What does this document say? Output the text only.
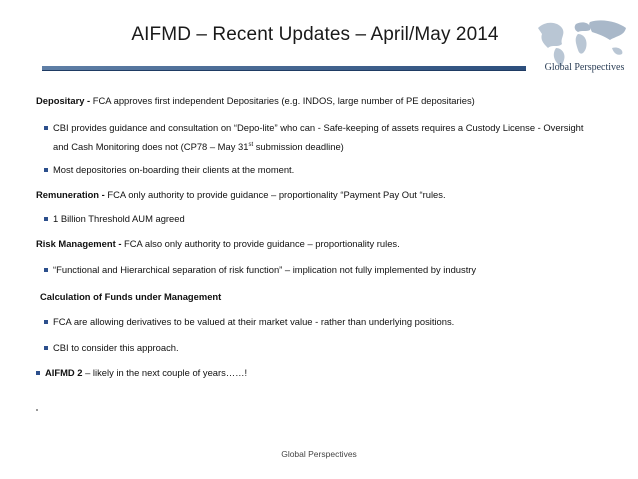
AIFMD – Recent Updates – April/May 2014
Global Perspectives
Depositary - FCA approves first independent Depositaries (e.g. INDOS, large number of PE depositaries)
CBI provides guidance and consultation on “Depo-lite” who can - Safe-keeping of assets requires a Custody License - Oversight
and Cash Monitoring does not (CP78 – May 31st submission deadline)
Most depositories on-boarding their clients at the moment.
Remuneration - FCA only authority to provide guidance – proportionality “Payment Pay Out “rules.
1 Billion Threshold AUM agreed
Risk Management - FCA also only authority to provide guidance – proportionality rules.
“Functional and Hierarchical separation of risk function” – implication not fully implemented by industry
Calculation of Funds under Management
FCA are allowing derivatives to be valued at their market value - rather than underlying positions.
CBI to consider this approach.
AIFMD 2 – likely in the next couple of years……!
Global Perspectives
